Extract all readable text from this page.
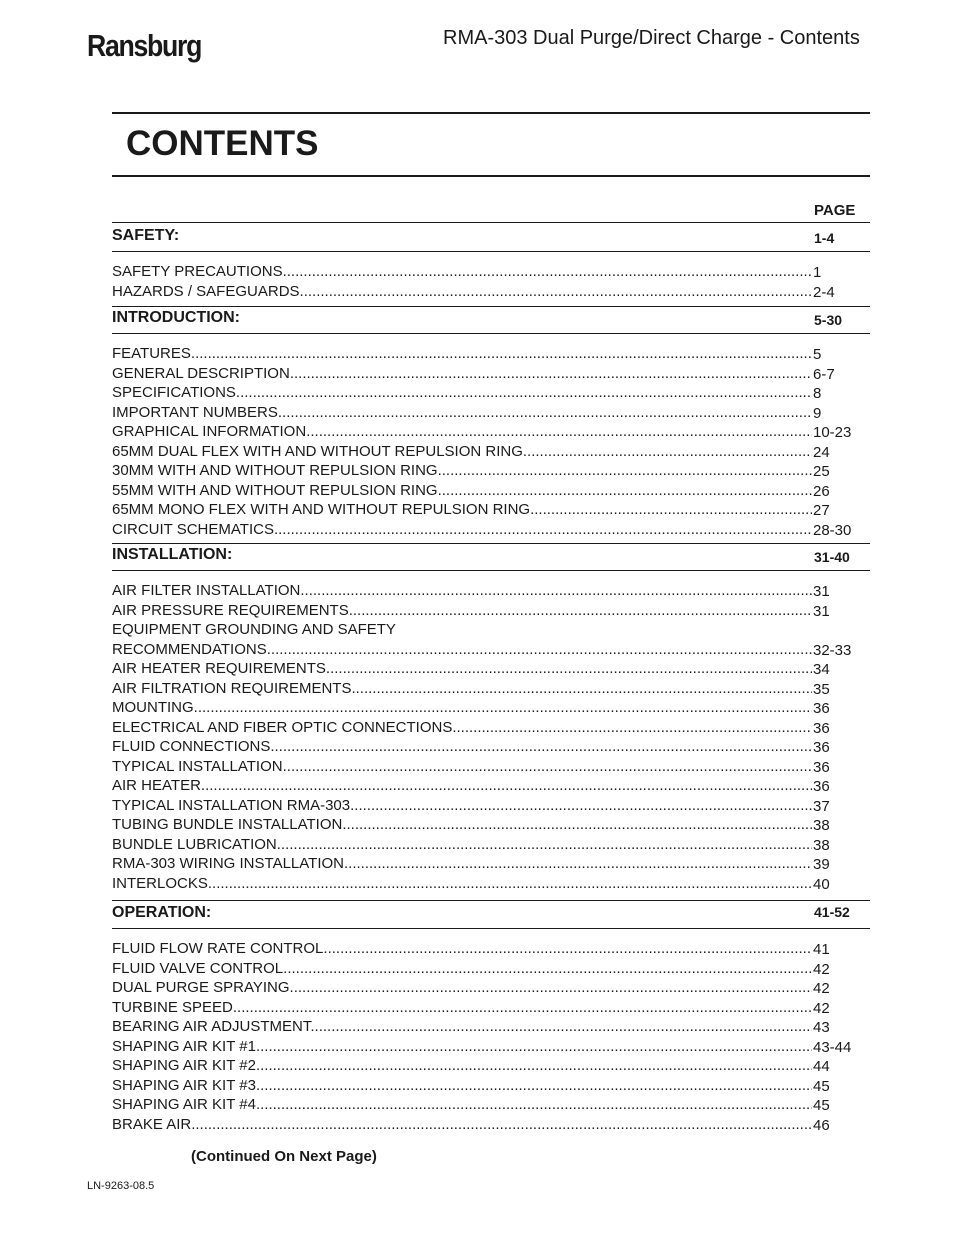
Ransburg	RMA-303 Dual Purge/Direct Charge - Contents
CONTENTS
PAGE
SAFETY:	1-4
SAFETY PRECAUTIONS .....	1
HAZARDS / SAFEGUARDS .....	2-4
INTRODUCTION:	5-30
FEATURES .....	5
GENERAL DESCRIPTION .....	6-7
SPECIFICATIONS .....	8
IMPORTANT NUMBERS .....	9
GRAPHICAL INFORMATION .....	10-23
65MM DUAL FLEX WITH AND WITHOUT REPULSION RING .....	24
30MM WITH AND WITHOUT REPULSION RING .....	25
55MM WITH AND WITHOUT REPULSION RING .....	26
65MM MONO FLEX WITH AND WITHOUT REPULSION RING .....	27
CIRCUIT SCHEMATICS .....	28-30
INSTALLATION:	31-40
AIR FILTER INSTALLATION .....	31
AIR PRESSURE REQUIREMENTS .....	31
EQUIPMENT GROUNDING AND SAFETY
RECOMMENDATIONS .....	32-33
AIR HEATER REQUIREMENTS .....	34
AIR FILTRATION REQUIREMENTS .....	35
MOUNTING .....	36
ELECTRICAL AND FIBER OPTIC CONNECTIONS .....	36
FLUID CONNECTIONS .....	36
TYPICAL INSTALLATION .....	36
AIR HEATER .....	36
TYPICAL INSTALLATION RMA-303 .....	37
TUBING BUNDLE INSTALLATION .....	38
BUNDLE LUBRICATION .....	38
RMA-303 WIRING INSTALLATION .....	39
INTERLOCKS .....	40
OPERATION:	41-52
FLUID FLOW RATE CONTROL .....	41
FLUID VALVE CONTROL .....	42
DUAL PURGE SPRAYING .....	42
TURBINE SPEED .....	42
BEARING AIR ADJUSTMENT .....	43
SHAPING AIR KIT #1 .....	43-44
SHAPING AIR KIT #2 .....	44
SHAPING AIR KIT #3 .....	45
SHAPING AIR KIT #4 .....	45
BRAKE AIR .....	46
(Continued On Next Page)
LN-9263-08.5
